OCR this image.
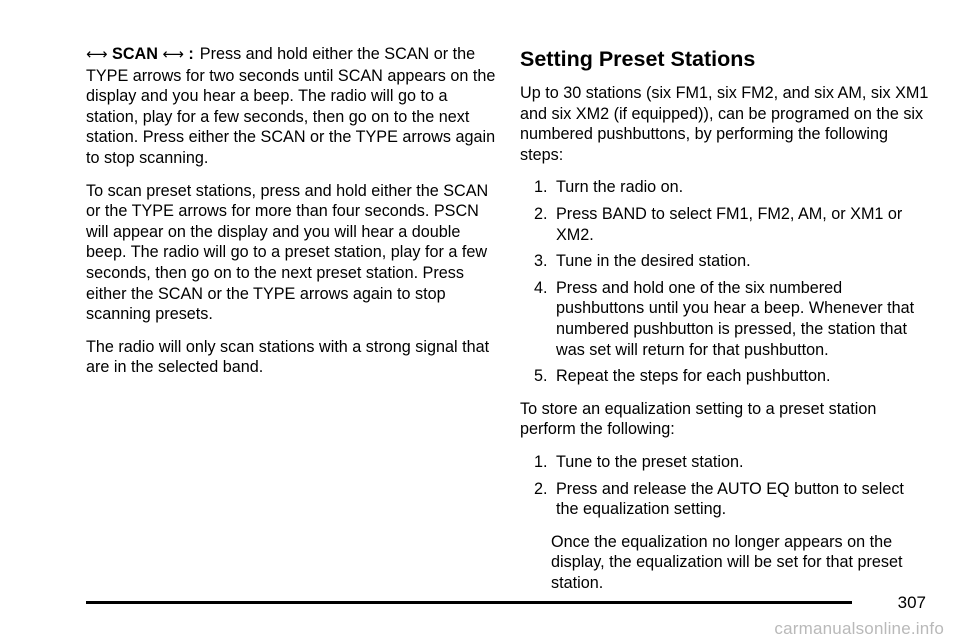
⟷ SCAN ⟷ : Press and hold either the SCAN or the TYPE arrows for two seconds until SCAN appears on the display and you hear a beep. The radio will go to a station, play for a few seconds, then go on to the next station. Press either the SCAN or the TYPE arrows again to stop scanning.

To scan preset stations, press and hold either the SCAN or the TYPE arrows for more than four seconds. PSCN will appear on the display and you will hear a double beep. The radio will go to a preset station, play for a few seconds, then go on to the next preset station. Press either the SCAN or the TYPE arrows again to stop scanning presets.

The radio will only scan stations with a strong signal that are in the selected band.

Setting Preset Stations

Up to 30 stations (six FM1, six FM2, and six AM, six XM1 and six XM2 (if equipped)), can be programed on the six numbered pushbuttons, by performing the following steps:

1. Turn the radio on.
2. Press BAND to select FM1, FM2, AM, or XM1 or XM2.
3. Tune in the desired station.
4. Press and hold one of the six numbered pushbuttons until you hear a beep. Whenever that numbered pushbutton is pressed, the station that was set will return for that pushbutton.
5. Repeat the steps for each pushbutton.

To store an equalization setting to a preset station perform the following:

1. Tune to the preset station.
2. Press and release the AUTO EQ button to select the equalization setting.

Once the equalization no longer appears on the display, the equalization will be set for that preset station.

307
carmanualsonline.info
